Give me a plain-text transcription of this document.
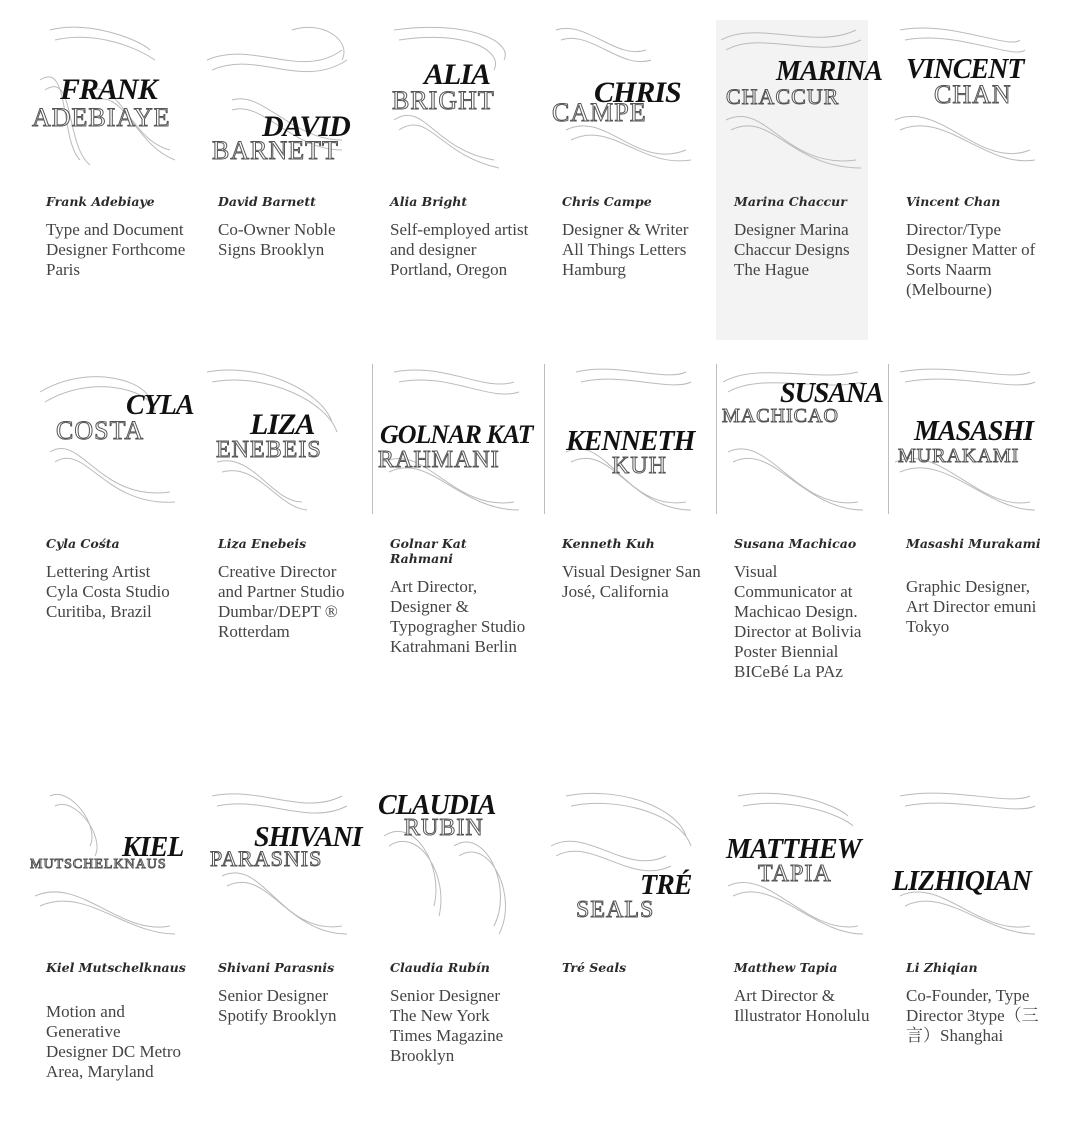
FRANK
ADEBIAYE
Frank Adebiaye
Type and Document Designer Forthcome Paris
DAVID
BARNETT
David Barnett
Co-Owner Noble Signs Brooklyn
ALIA
BRIGHT
Alia Bright
Self-employed artist and designer Portland, Oregon
CHRIS
CAMPE
Chris Campe
Designer & Writer All Things Letters Hamburg
MARINA
CHACCUR
Marina Chaccur
Designer Marina Chaccur Designs The Hague
VINCENT
CHAN
Vincent Chan
Director/Type Designer Matter of Sorts Naarm (Melbourne)
CYLA
COSTA
Cyla Cośta
Lettering Artist Cyla Costa Studio Curitiba, Brazil
LIZA
ENEBEIS
Liza Enebeis
Creative Director and Partner Studio Dumbar/DEPT ® Rotterdam
GOLNAR KAT
RAHMANI
Golnar Kat Rahmani
Art Director, Designer & Typogragher Studio Katrahmani Berlin
KENNETH
KUH
Kenneth Kuh
Visual Designer San José, California
SUSANA
MACHICAO
Susana Machicao
Visual Communicator at Machicao Design. Director at Bolivia Poster Biennial BICeBé La PAz
MASASHI
MURAKAMI
Masashi Murakami
Graphic Designer, Art Director emuni Tokyo
KIEL
MUTSCHELKNAUS
Kiel Mutschelknaus
Motion and Generative Designer DC Metro Area, Maryland
SHIVANI
PARASNIS
Shivani Parasnis
Senior Designer Spotify Brooklyn
CLAUDIA
RUBIN
Claudia Rubín
Senior Designer The New York Times Magazine Brooklyn
TRÉ
SEALS
Tré Seals
MATTHEW
TAPIA
Matthew Tapia
Art Director & Illustrator Honolulu
LIZHIQIAN
Li Zhiqian
Co-Founder, Type Director 3type（三言）Shanghai
